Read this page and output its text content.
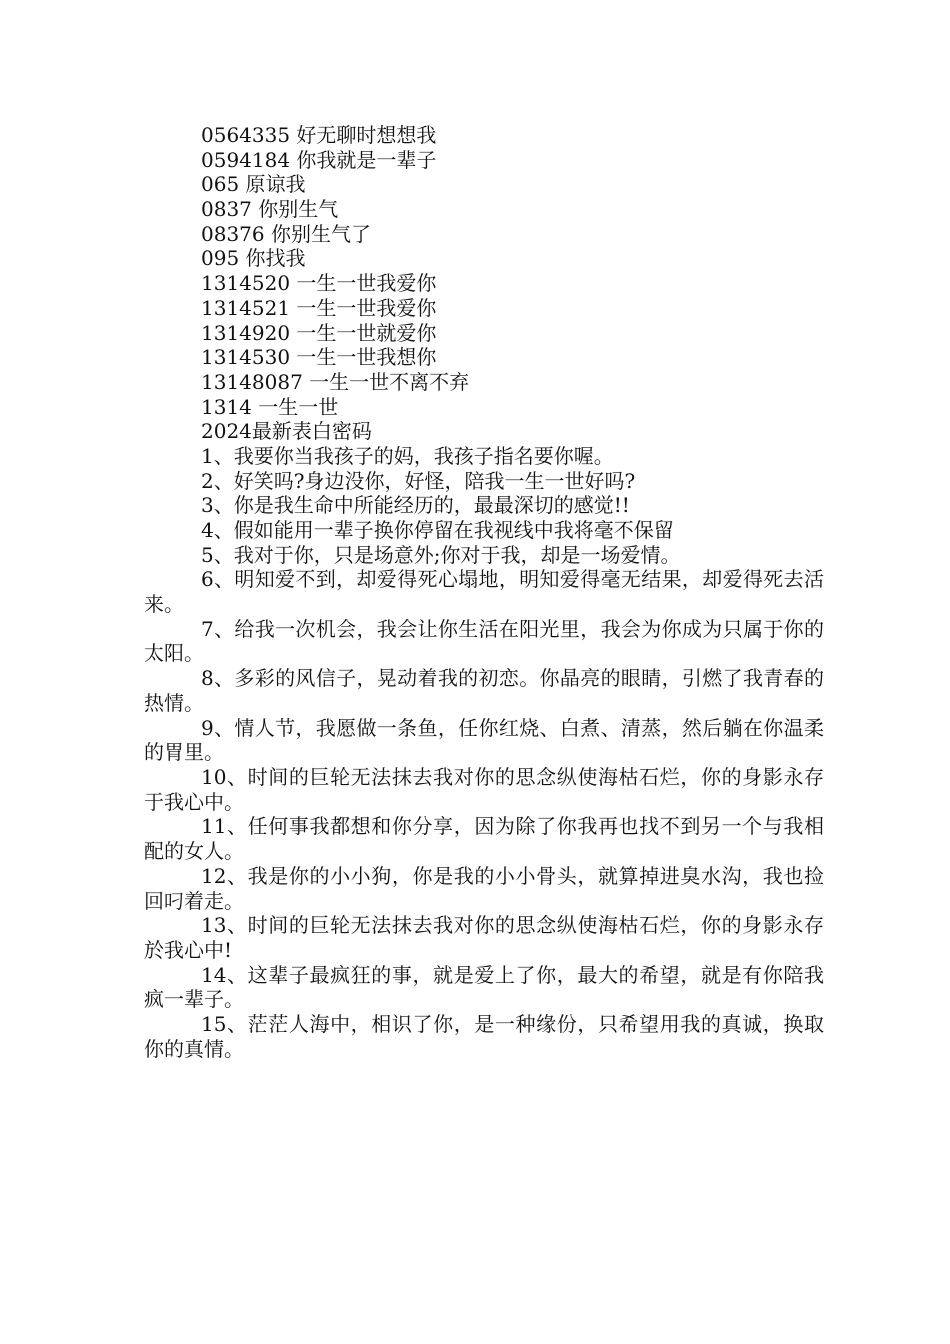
0564335 好无聊时想想我
0594184 你我就是一辈子
065 原谅我
0837 你别生气
08376 你别生气了
095 你找我
1314520 一生一世我爱你
1314521 一生一世我爱你
1314920 一生一世就爱你
1314530 一生一世我想你
13148087 一生一世不离不弃
1314 一生一世
2024最新表白密码
1、我要你当我孩子的妈，我孩子指名要你喔。
2、好笑吗?身边没你，好怪，陪我一生一世好吗?
3、你是我生命中所能经历的，最最深切的感觉!!
4、假如能用一辈子换你停留在我视线中我将毫不保留
5、我对于你，只是场意外;你对于我，却是一场爱情。
6、明知爱不到，却爱得死心塌地，明知爱得毫无结果，却爱得死去活来。
7、给我一次机会，我会让你生活在阳光里，我会为你成为只属于你的太阳。
8、多彩的风信子，晃动着我的初恋。你晶亮的眼睛，引燃了我青春的热情。
9、情人节，我愿做一条鱼，任你红烧、白煮、清蒸，然后躺在你温柔的胃里。
10、时间的巨轮无法抹去我对你的思念纵使海枯石烂，你的身影永存于我心中。
11、任何事我都想和你分享，因为除了你我再也找不到另一个与我相配的女人。
12、我是你的小小狗，你是我的小小骨头，就算掉进臭水沟，我也捡回叼着走。
13、时间的巨轮无法抹去我对你的思念纵使海枯石烂，你的身影永存於我心中!
14、这辈子最疯狂的事，就是爱上了你，最大的希望，就是有你陪我疯一辈子。
15、茫茫人海中，相识了你，是一种缘份，只希望用我的真诚，换取你的真情。
